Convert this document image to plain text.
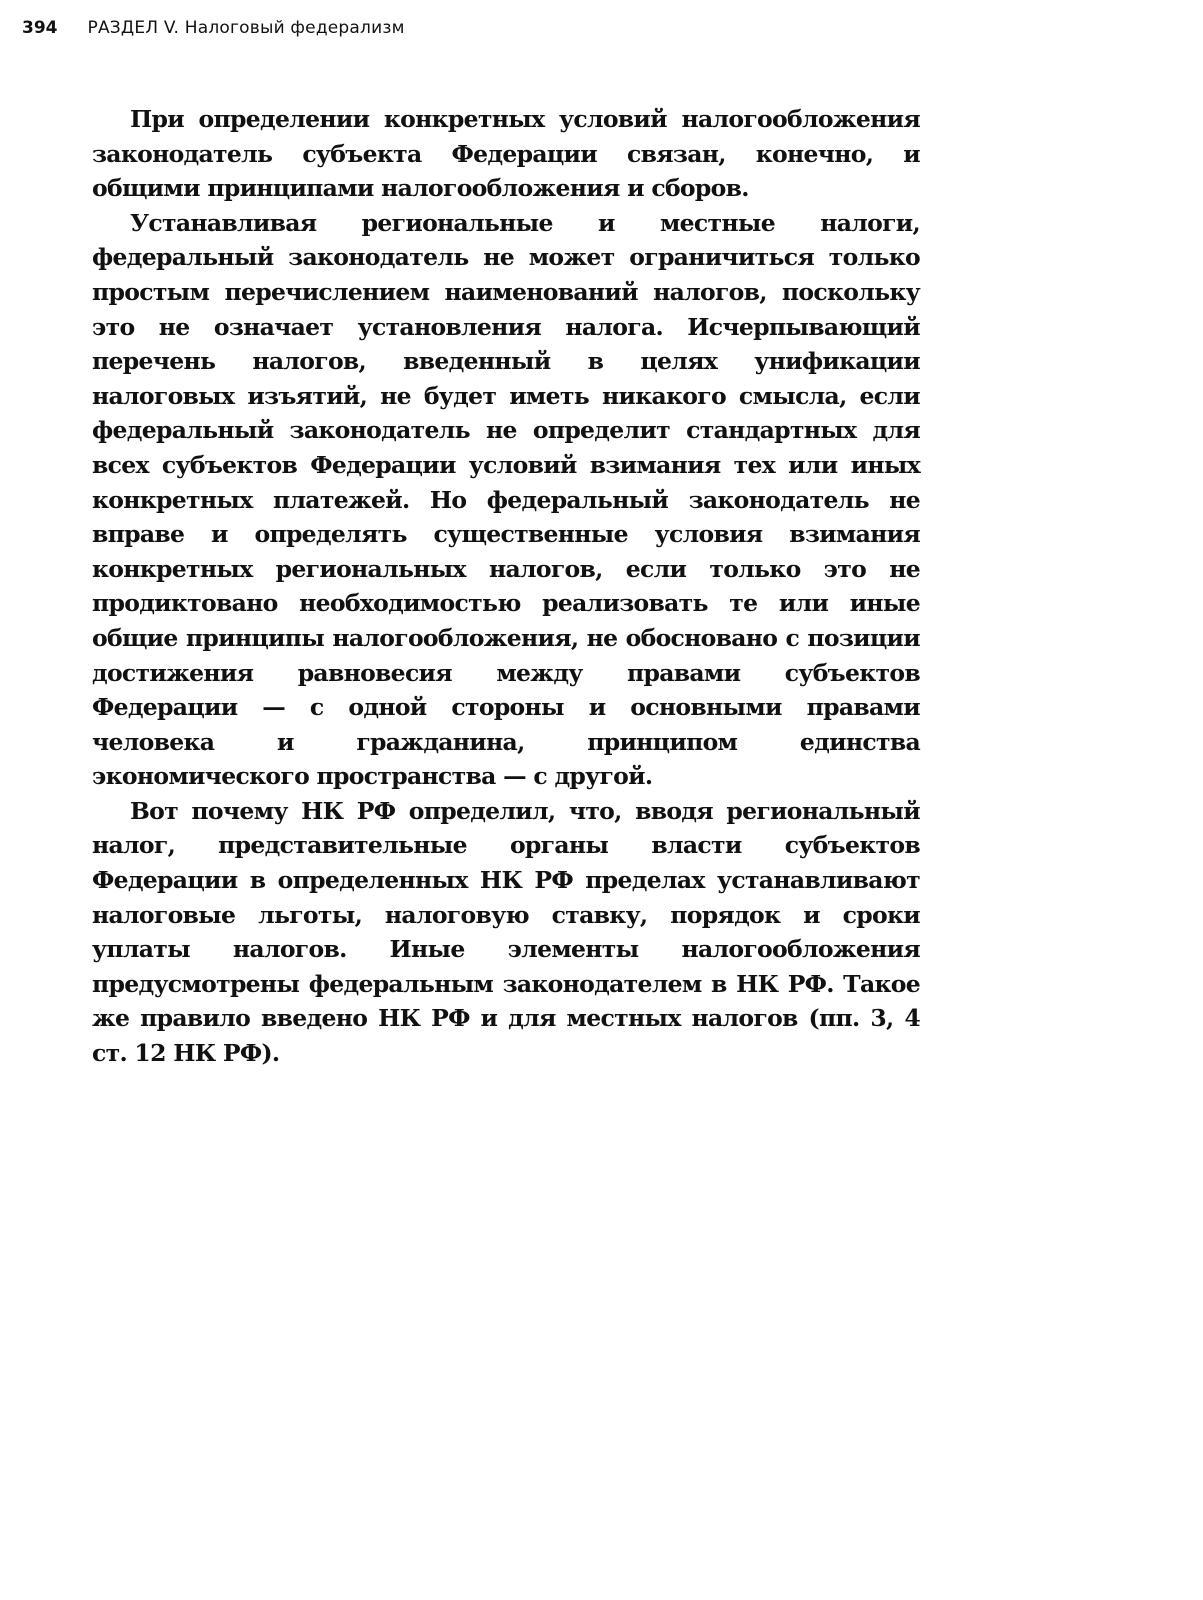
394 РАЗДЕЛ V. Налоговый федерализм

При определении конкретных условий налогообложения законодатель субъекта Федерации связан, конечно, и общими принципами налогообложения и сборов.

Устанавливая региональные и местные налоги, федеральный законодатель не может ограничиться только простым перечислением наименований налогов, поскольку это не означает установления налога. Исчерпывающий перечень налогов, введенный в целях унификации налоговых изъятий, не будет иметь никакого смысла, если федеральный законодатель не определит стандартных для всех субъектов Федерации условий взимания тех или иных конкретных платежей. Но федеральный законодатель не вправе и определять существенные условия взимания конкретных региональных налогов, если только это не продиктовано необходимостью реализовать те или иные общие принципы налогообложения, не обосновано с позиции достижения равновесия между правами субъектов Федерации — с одной стороны и основными правами человека и гражданина, принципом единства экономического пространства — с другой.

Вот почему НК РФ определил, что, вводя региональный налог, представительные органы власти субъектов Федерации в определенных НК РФ пределах устанавливают налоговые льготы, налоговую ставку, порядок и сроки уплаты налогов. Иные элементы налогообложения предусмотрены федеральным законодателем в НК РФ. Такое же правило введено НК РФ и для местных налогов (пп. 3, 4 ст. 12 НК РФ).
